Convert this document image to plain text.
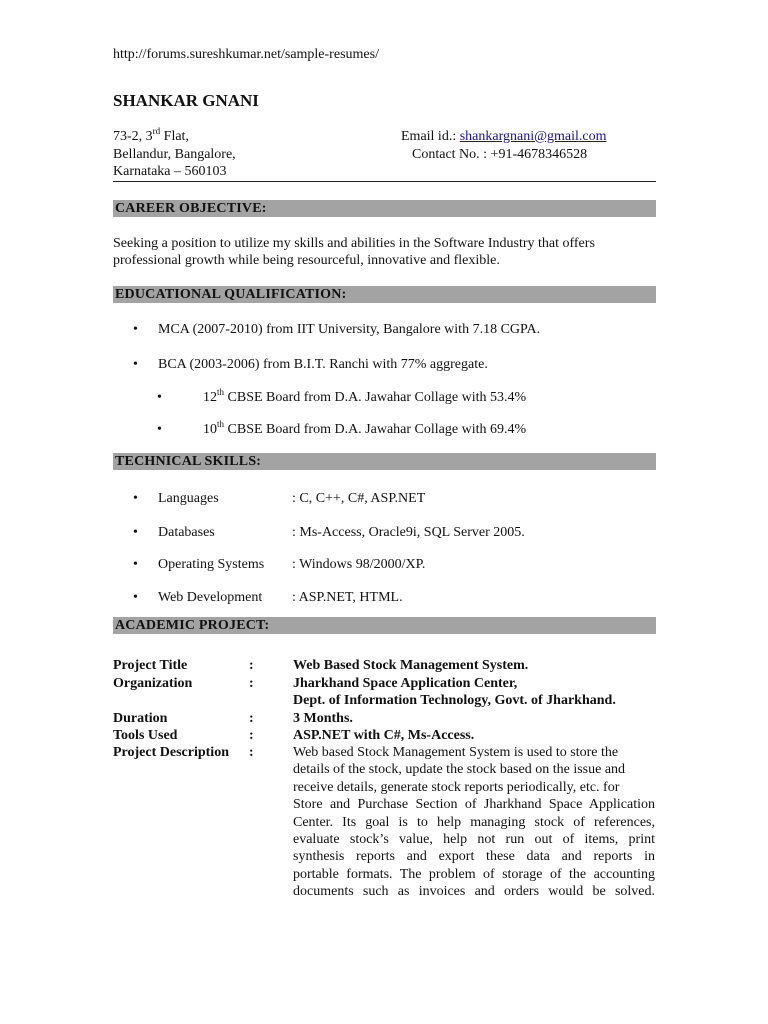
http://forums.sureshkumar.net/sample-resumes/
SHANKAR GNANI
73-2, 3rd Flat,
Bellandur, Bangalore,
Karnataka – 560103
Email id.: shankargnani@gmail.com
Contact No. : +91-4678346528
CAREER OBJECTIVE:
Seeking a position to utilize my skills and abilities in the Software Industry that offers
professional growth while being resourceful, innovative and flexible.
EDUCATIONAL QUALIFICATION:
• MCA (2007-2010) from IIT University, Bangalore with 7.18 CGPA.
• BCA (2003-2006) from B.I.T. Ranchi with 77% aggregate.
•	12th CBSE Board from D.A. Jawahar Collage with 53.4%
•	10th CBSE Board from D.A. Jawahar Collage with 69.4%
TECHNICAL SKILLS:
• Languages	: C, C++, C#, ASP.NET
• Databases	: Ms-Access, Oracle9i, SQL Server 2005.
• Operating Systems : Windows 98/2000/XP.
• Web Development : ASP.NET, HTML.
ACADEMIC PROJECT:
Project Title	:	Web Based Stock Management System.
Organization	:	Jharkhand Space Application Center,
Dept. of Information Technology, Govt. of Jharkhand.
Duration	:	3 Months.
Tools Used	:	ASP.NET with C#, Ms-Access.
Project Description :	Web based Stock Management System is used to store the
details of the stock, update the stock based on the issue and
receive details, generate stock reports periodically, etc. for
Store and Purchase Section of Jharkhand Space Application
Center. Its goal is to help managing stock of references,
evaluate stock’s value, help not run out of items, print
synthesis reports and export these data and reports in
portable formats. The problem of storage of the accounting
documents such as invoices and orders would be solved.
